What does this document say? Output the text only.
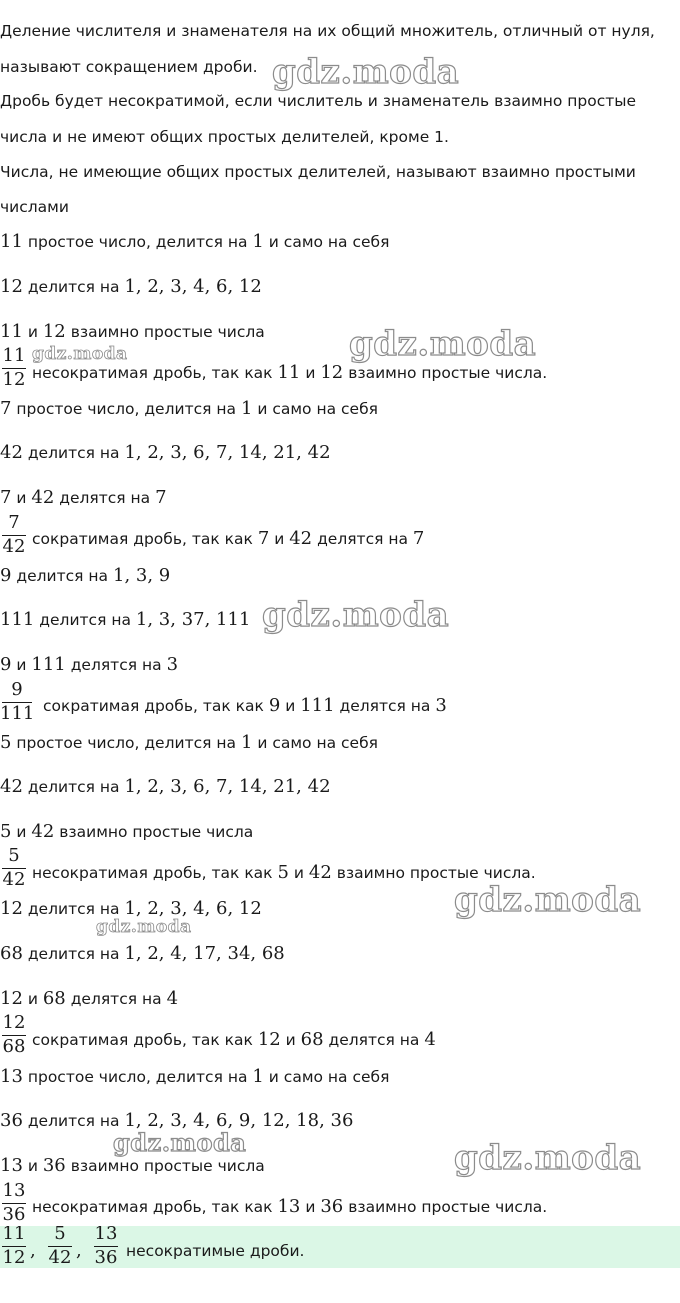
Деление числителя и знаменателя на их общий множитель, отличный от нуля,
называют сокращением дроби.
Дробь будет несократимой, если числитель и знаменатель взаимно простые
числа и не имеют общих простых делителей, кроме 1.
Числа, не имеющие общих простых делителей, называют взаимно простыми
числами
11 простое число, делится на 1 и само на себя
12 делится на 1, 2, 3, 4, 6, 12
11 и 12 взаимно простые числа
11
12 несократимая дробь, так как 11 и 12 взаимно простые числа.
7 простое число, делится на 1 и само на себя
42 делится на 1, 2, 3, 6, 7, 14, 21, 42
7 и 42 делятся на 7
7
42 сократимая дробь, так как 7 и 42 делятся на 7
9 делится на 1, 3, 9
111 делится на 1, 3, 37, 111
9 и 111 делятся на 3
9
111 сократимая дробь, так как 9 и 111 делятся на 3
5 простое число, делится на 1 и само на себя
42 делится на 1, 2, 3, 6, 7, 14, 21, 42
5 и 42 взаимно простые числа
5
42 несократимая дробь, так как 5 и 42 взаимно простые числа.
12 делится на 1, 2, 3, 4, 6, 12
68 делится на 1, 2, 4, 17, 34, 68
12 и 68 делятся на 4
12
68 сократимая дробь, так как 12 и 68 делятся на 4
13 простое число, делится на 1 и само на себя
36 делится на 1, 2, 3, 4, 6, 9, 12, 18, 36
13 и 36 взаимно простые числа
13
36 несократимая дробь, так как 13 и 36 взаимно простые числа.
11
12 ,
5
42 ,
13
36 несократимые дроби.
gdz.moda
gdz.moda
gdz.moda
gdz.moda
gdz.moda
gdz.moda
gdz.moda	gdz.moda
